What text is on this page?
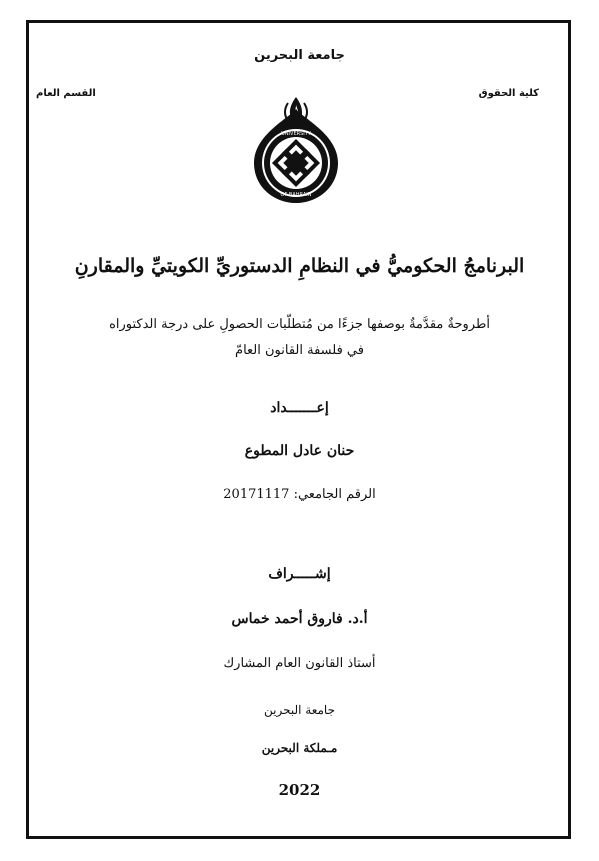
جامعة البحرين
كلية الحقوق
القسم العام
UNIVERSITY
OF BAHRAIN
البرنامجُ الحكوميُّ في النظامِ الدستوريِّ الكويتيِّ والمقارنِ
أطروحةٌ مقدَّمةٌ بوصفها جزءًا من مُتطلّبات الحصولِ على درجة الدكتوراه
في فلسفة القانون العامّ
إعـــــــداد
حنان عادل المطوع
الرقم الجامعي: 20171117
إشـــــراف
أ.د. فاروق أحمد خماس
أستاذ القانون العام المشارك
جامعة البحرين
مـملكة البحرين
2022
